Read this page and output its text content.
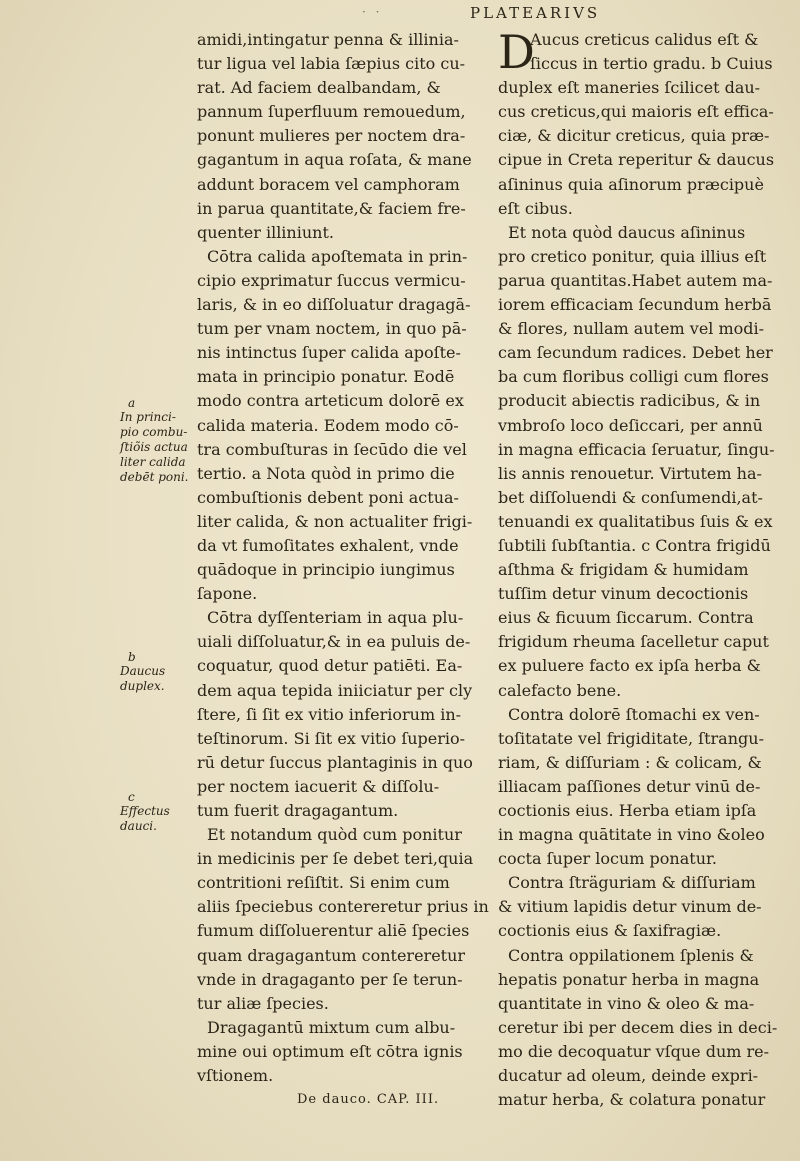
· ·	PLATEARIVS
amidi,intingatur penna & illinia-
tur ligua vel labia ſæpius cito cu-
rat. Ad faciem dealbandam, &
pannum ſuperfluum remouedum,
ponunt mulieres per noctem dra-
gagantum in aqua roſata, & mane
addunt boracem vel camphoram
in parua quantitate,& faciem fre-
quenter illiniunt.
Cōtra calida apoſtemata in prin-
cipio exprimatur ſuccus vermicu-
laris, & in eo diſſoluatur dragagā-
tum per vnam noctem, in quo pā-
nis intinctus ſuper calida apoſte-
mata in principio ponatur. Eodē
modo contra arteticum dolorē ex
calida materia. Eodem modo cō-
tra combuſturas in ſecūdo die vel
tertio. a Nota quòd in primo die
combuſtionis debent poni actua-
liter calida, & non actualiter frigi-
da vt fumoſitates exhalent, vnde
quādoque in principio iungimus
ſapone.
Cōtra dyſſenteriam in aqua plu-
uiali diſſoluatur,& in ea puluis de-
coquatur, quod detur patiēti. Ea-
dem aqua tepida iniiciatur per cly
ſtere, ſi ſit ex vitio inferiorum in-
teſtinorum. Si ſit ex vitio ſuperio-
rū detur ſuccus plantaginis in quo
per noctem iacuerit & diſſolu-
tum fuerit dragagantum.
Et notandum quòd cum ponitur
in medicinis per ſe debet teri,quia
contritioni reſiſtit. Si enim cum
aliis ſpeciebus contereretur prius in
fumum diſſoluerentur aliē ſpecies
quam dragagantum contereretur
vnde in dragaganto per ſe terun-
tur aliæ ſpecies.
Dragagantū mixtum cum albu-
mine oui optimum eſt cōtra ignis
vſtionem.
De dauco. CAP. III.
D
Aucus creticus calidus eſt &
ſiccus in tertio gradu. b Cuius
duplex eſt maneries ſcilicet dau-
cus creticus,qui maioris eſt effica-
ciæ, & dicitur creticus, quia præ-
cipue in Creta reperitur & daucus
aſininus quia aſinorum præcipuè
eſt cibus.
Et nota quòd daucus aſininus
pro cretico ponitur, quia illius eſt
parua quantitas.Habet autem ma-
iorem efficaciam ſecundum herbā
& flores, nullam autem vel modi-
cam ſecundum radices. Debet her
ba cum floribus colligi cum flores
producit abiectis radicibus, & in
vmbroſo loco deſiccari, per annū
in magna efficacia ſeruatur, ſingu-
lis annis renouetur. Virtutem ha-
bet diſſoluendi & conſumendi,at-
tenuandi ex qualitatibus ſuis & ex
ſubtili ſubſtantia. c Contra frigidū
aſthma & frigidam & humidam
tuſſim detur vinum decoctionis
eius & ficuum ſiccarum. Contra
frigidum rheuma ſacelletur caput
ex puluere facto ex ipſa herba &
calefacto bene.
Contra dolorē ſtomachi ex ven-
toſitatate vel frigiditate, ſtrangu-
riam, & diſſuriam : & colicam, &
illiacam paſſiones detur vinū de-
coctionis eius. Herba etiam ipſa
in magna quātitate in vino &oleo
cocta ſuper locum ponatur.
Contra ſträguriam & diſſuriam
& vitium lapidis detur vinum de-
coctionis eius & ſaxifragiæ.
Contra oppilationem ſplenis &
hepatis ponatur herba in magna
quantitate in vino & oleo & ma-
ceretur ibi per decem dies in deci-
mo die decoquatur vſque dum re-
ducatur ad oleum, deinde expri-
matur herba, & colatura ponatur
a
In princi-
pio combu-
ſtiõis actua
liter calida
debēt poni.
b
Daucus
duplex.
c
Effectus
dauci.
